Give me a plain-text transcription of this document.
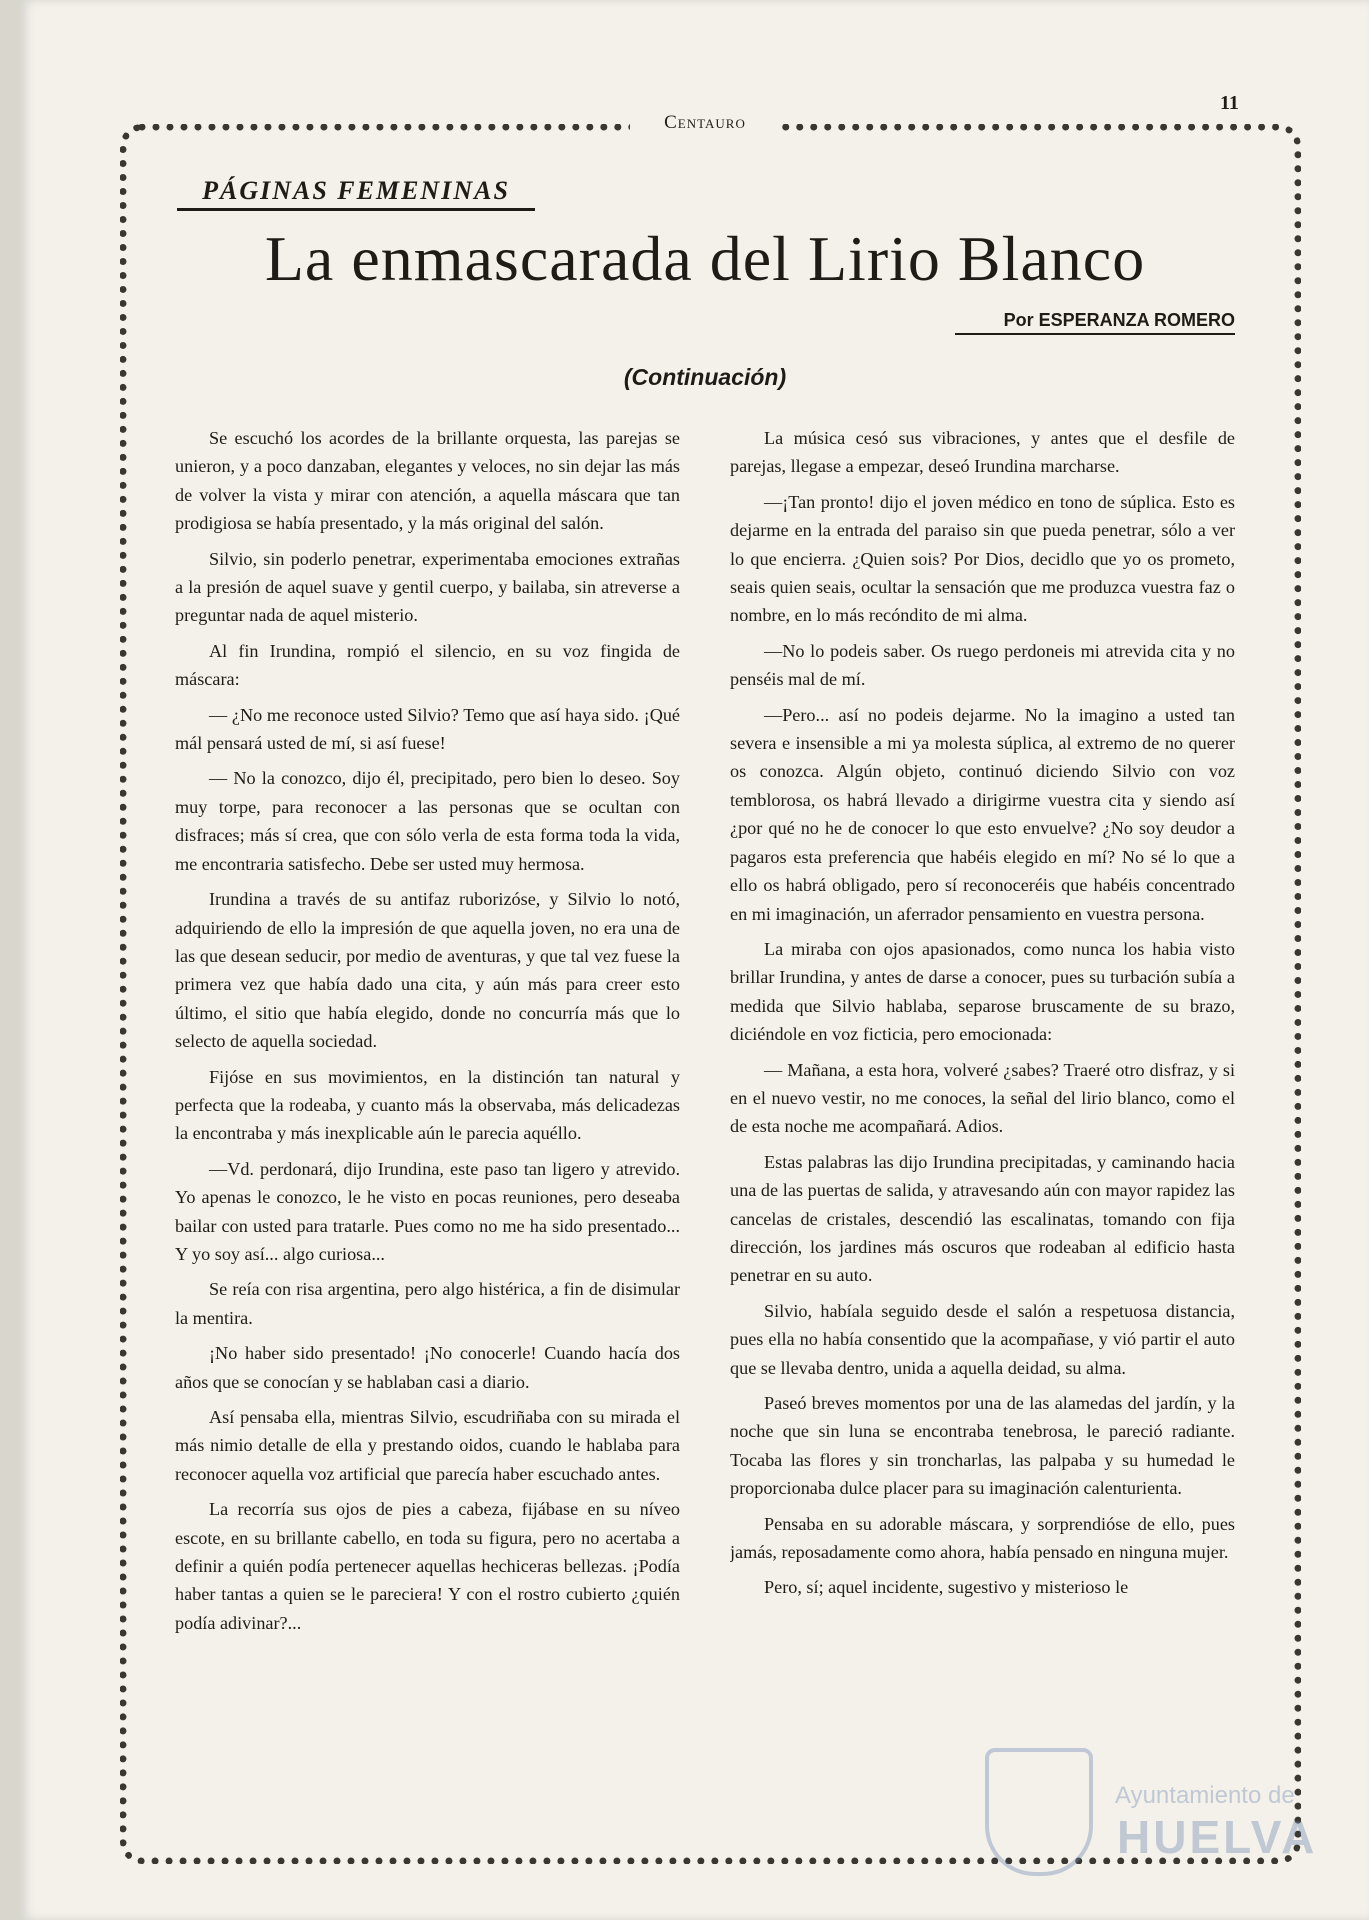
11
Centauro
PÁGINAS FEMENINAS
La enmascarada del Lirio Blanco
Por ESPERANZA ROMERO
(Continuación)

Se escuchó los acordes de la brillante orquesta, las parejas se unieron, y a poco danzaban, elegantes y veloces, no sin dejar las más de volver la vista y mirar con atención, a aquella máscara que tan prodigiosa se había presentado, y la más original del salón.

Silvio, sin poderlo penetrar, experimentaba emociones extrañas a la presión de aquel suave y gentil cuerpo, y bailaba, sin atreverse a preguntar nada de aquel misterio.

Al fin Irundina, rompió el silencio, en su voz fingida de máscara:

— ¿No me reconoce usted Silvio? Temo que así haya sido. ¡Qué mál pensará usted de mí, si así fuese!

— No la conozco, dijo él, precipitado, pero bien lo deseo. Soy muy torpe, para reconocer a las personas que se ocultan con disfraces; más sí crea, que con sólo verla de esta forma toda la vida, me encontraria satisfecho. Debe ser usted muy hermosa.

Irundina a través de su antifaz ruborizóse, y Silvio lo notó, adquiriendo de ello la impresión de que aquella joven, no era una de las que desean seducir, por medio de aventuras, y que tal vez fuese la primera vez que había dado una cita, y aún más para creer esto último, el sitio que había elegido, donde no concurría más que lo selecto de aquella sociedad.

Fijóse en sus movimientos, en la distinción tan natural y perfecta que la rodeaba, y cuanto más la observaba, más delicadezas la encontraba y más inexplicable aún le parecia aquéllo.

—Vd. perdonará, dijo Irundina, este paso tan ligero y atrevido. Yo apenas le conozco, le he visto en pocas reuniones, pero deseaba bailar con usted para tratarle. Pues como no me ha sido presentado... Y yo soy así... algo curiosa...

Se reía con risa argentina, pero algo histérica, a fin de disimular la mentira.

¡No haber sido presentado! ¡No conocerle! Cuando hacía dos años que se conocían y se hablaban casi a diario.

Así pensaba ella, mientras Silvio, escudriñaba con su mirada el más nimio detalle de ella y prestando oidos, cuando le hablaba para reconocer aquella voz artificial que parecía haber escuchado antes.

La recorría sus ojos de pies a cabeza, fijábase en su níveo escote, en su brillante cabello, en toda su figura, pero no acertaba a definir a quién podía pertenecer aquellas hechiceras bellezas. ¡Podía haber tantas a quien se le pareciera! Y con el rostro cubierto ¿quién podía adivinar?...

La música cesó sus vibraciones, y antes que el desfile de parejas, llegase a empezar, deseó Irundina marcharse.

—¡Tan pronto! dijo el joven médico en tono de súplica. Esto es dejarme en la entrada del paraiso sin que pueda penetrar, sólo a ver lo que encierra. ¿Quien sois? Por Dios, decidlo que yo os prometo, seais quien seais, ocultar la sensación que me produzca vuestra faz o nombre, en lo más recóndito de mi alma.

—No lo podeis saber. Os ruego perdoneis mi atrevida cita y no penséis mal de mí.

—Pero... así no podeis dejarme. No la imagino a usted tan severa e insensible a mi ya molesta súplica, al extremo de no querer os conozca. Algún objeto, continuó diciendo Silvio con voz temblorosa, os habrá llevado a dirigirme vuestra cita y siendo así ¿por qué no he de conocer lo que esto envuelve? ¿No soy deudor a pagaros esta preferencia que habéis elegido en mí? No sé lo que a ello os habrá obligado, pero sí reconoceréis que habéis concentrado en mi imaginación, un aferrador pensamiento en vuestra persona.

La miraba con ojos apasionados, como nunca los habia visto brillar Irundina, y antes de darse a conocer, pues su turbación subía a medida que Silvio hablaba, separose bruscamente de su brazo, diciéndole en voz ficticia, pero emocionada:

— Mañana, a esta hora, volveré ¿sabes? Traeré otro disfraz, y si en el nuevo vestir, no me conoces, la señal del lirio blanco, como el de esta noche me acompañará. Adios.

Estas palabras las dijo Irundina precipitadas, y caminando hacia una de las puertas de salida, y atravesando aún con mayor rapidez las cancelas de cristales, descendió las escalinatas, tomando con fija dirección, los jardines más oscuros que rodeaban al edificio hasta penetrar en su auto.

Silvio, habíala seguido desde el salón a respetuosa distancia, pues ella no había consentido que la acompañase, y vió partir el auto que se llevaba dentro, unida a aquella deidad, su alma.

Paseó breves momentos por una de las alamedas del jardín, y la noche que sin luna se encontraba tenebrosa, le pareció radiante. Tocaba las flores y sin troncharlas, las palpaba y su humedad le proporcionaba dulce placer para su imaginación calenturienta.

Pensaba en su adorable máscara, y sorprendióse de ello, pues jamás, reposadamente como ahora, había pensado en ninguna mujer.

Pero, sí; aquel incidente, sugestivo y misterioso le

Ayuntamiento de
HUELVA
